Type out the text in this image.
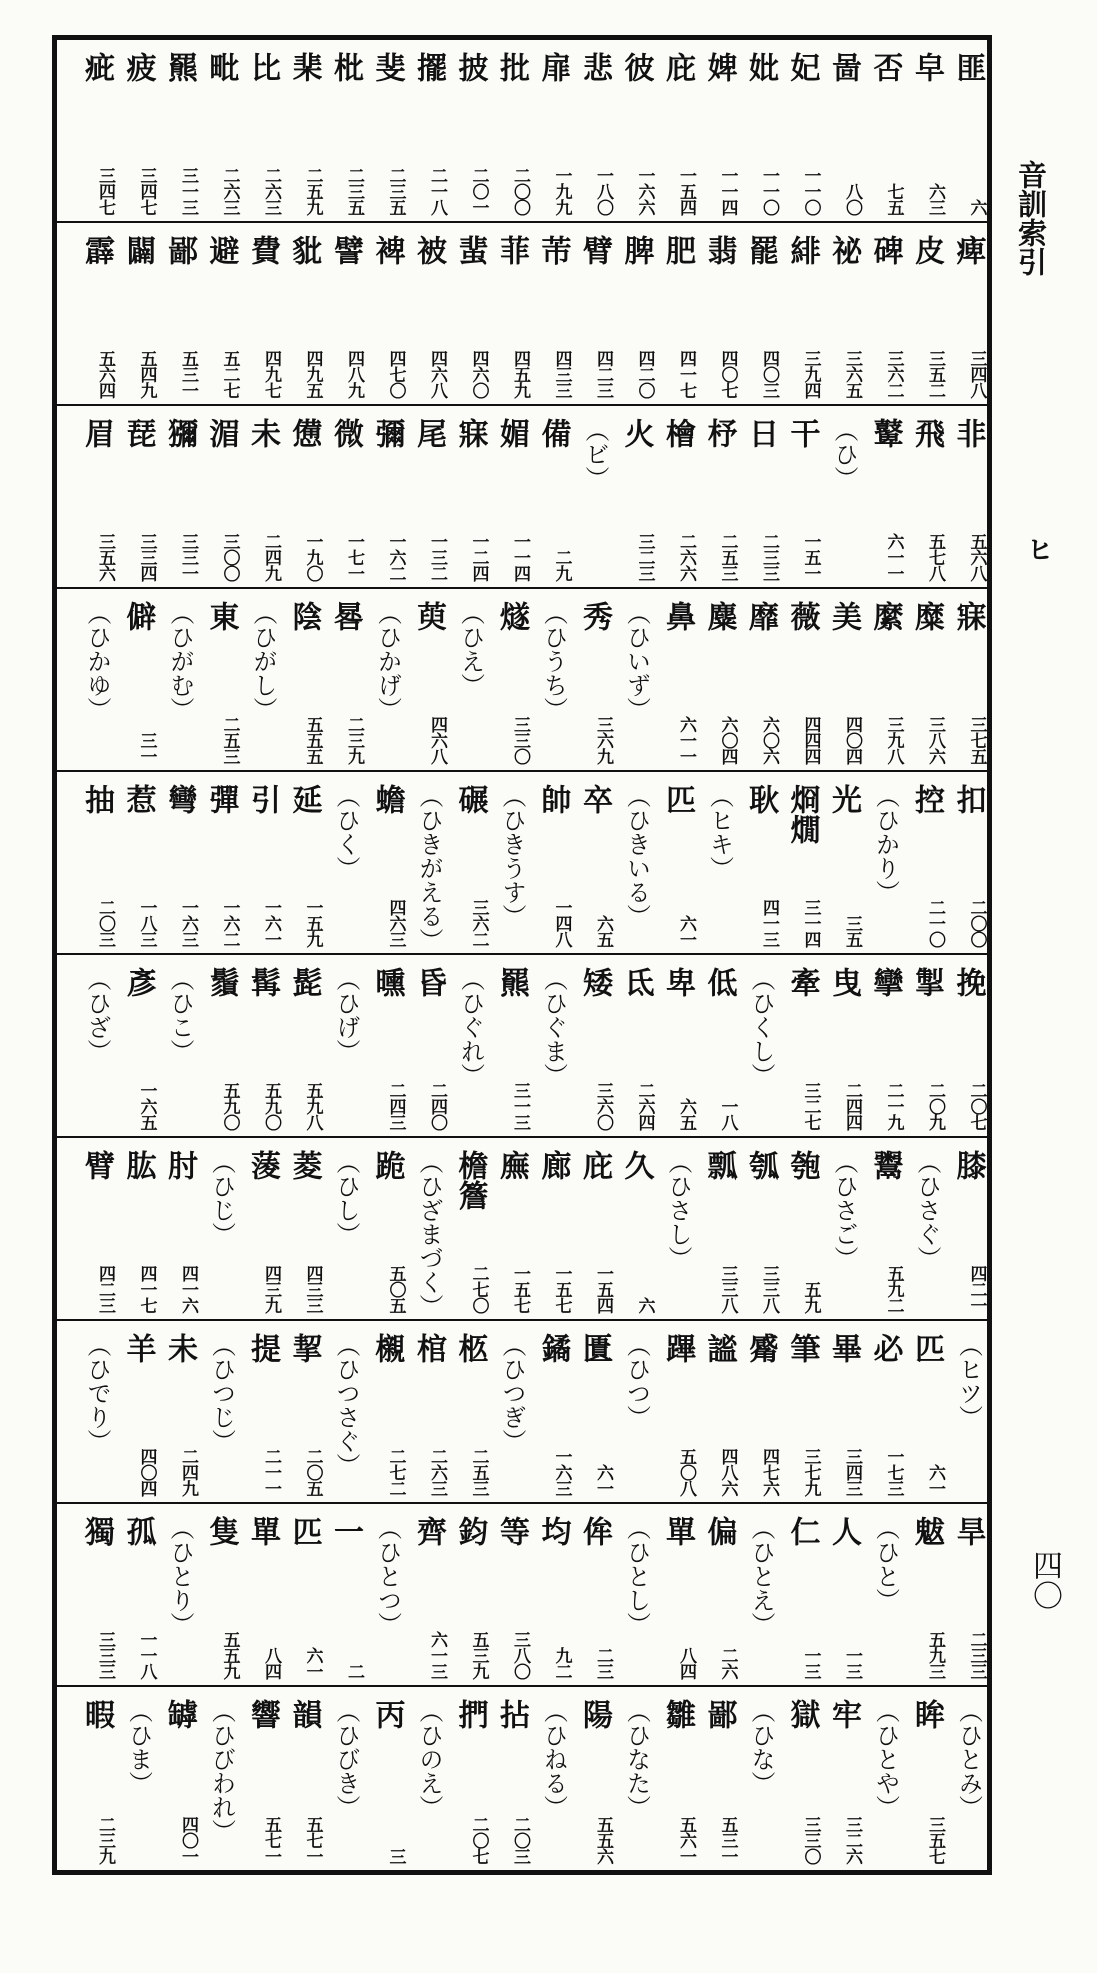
匪
六
皁
六三
否
七五
啚
八〇
妃
一一〇
妣
一一〇
婢
一一四
庇
一五四
彼
一六六
悲
一八〇
扉
一九九
批
二〇〇
披
二〇一
擺
二一八
斐
二三五
枇
二三五
棐
二五九
比
二六三
毗
二六三
羆
三一三
疲
三四七
疵
三四七
痺
三四八
皮
三五二
碑
三六二
祕
三六五
緋
三九四
罷
四〇三
翡
四〇七
肥
四一七
脾
四二〇
臂
四二三
芾
四三三
菲
四五九
蜚
四六〇
被
四六八
裨
四七〇
譬
四八九
豼
四九五
費
四九七
避
五二七
鄙
五三一
闢
五四九
霹
五六四
非
五六八
飛
五七八
鼙
六一一
（ひ）
干
一五一
日
二三三
杼
二五三
檜
二六六
火
三二三
（ビ）
備
二九
媚
一一四
寐
一二四
尾
一三二
彌
一六二
微
一七一
憊
一九〇
未
二四九
湄
三〇〇
獼
三三一
琵
三三四
眉
三五六
寐
三七五
糜
三八六
縻
三九八
美
四〇四
薇
四四四
靡
六〇六
麋
六〇四
鼻
六一一
（ひいず）
秀
三六九
（ひうち）
燧
三三〇
（ひえ）
萸
四六八
（ひかげ）
晷
二三九
陰
五五五
（ひがし）
東
二五三
（ひがむ）
僻
三一
（ひかゆ）
扣
二〇〇
控
二一〇
（ひかり）
光
三五
烱燗
三一四
耿
四一三
（ヒキ）
匹
六一
（ひきいる）
卒
六五
帥
一四八
（ひきうす）
碾
三六二
（ひきがえる）
蟾
四六三
（ひく）
延
一五九
引
一六一
彈
一六二
彎
一六三
惹
一八三
抽
二〇三
挽
二〇七
掣
二〇九
攣
二一九
曳
二四四
牽
三二七
（ひくし）
低
一八
卑
六五
氐
二六四
矮
三六〇
（ひぐま）
羆
三一三
（ひぐれ）
昏
二四〇
曛
二四三
（ひげ）
髭
五九八
髯
五九〇
鬚
五九〇
（ひこ）
彥
一六五
（ひざ）
膝
四二一
（ひさぐ）
鬻
五九二
（ひさご）
匏
五九
瓠
三三八
瓢
三三八
（ひさし）
久
六
庇
一五四
廊
一五七
廡
一五七
檐簷
二七〇
（ひざまづく）
跪
五〇五
（ひし）
菱
四三三
蔆
四三九
（ひじ）
肘
四一六
肱
四一七
臂
四二三
（ヒツ）
匹
六一
必
一七三
畢
三四三
筆
三七九
觱
四七六
謐
四八六
蹕
五〇八
（ひつ）
匱
六一
鐍
一六三
（ひつぎ）
柩
二五三
棺
二六三
櫬
二七二
（ひつさぐ）
挈
二〇五
提
二一一
（ひつじ）
未
二四九
羊
四〇四
（ひでり）
旱
二三三
魃
五九三
（ひと）
人
一三
仁
一三
（ひとえ）
偏
二六
單
八四
（ひとし）
侔
二三
均
九二
等
三八〇
鈞
五三九
齊
六一三
（ひとつ）
一
二
匹
六一
單
八四
隻
五五九
（ひとり）
孤
一一八
獨
三三三
（ひとみ）
眸
三五七
（ひとや）
牢
三二六
獄
三三〇
（ひな）
鄙
五三一
雛
五六一
（ひなた）
陽
五五六
（ひねる）
拈
二〇三
捫
二〇七
（ひのえ）
丙
三
（ひびき）
韻
五七一
響
五七一
（ひびわれ）
罅
四〇一
（ひま）
暇
二三九
音訓索引
ヒ
四〇
